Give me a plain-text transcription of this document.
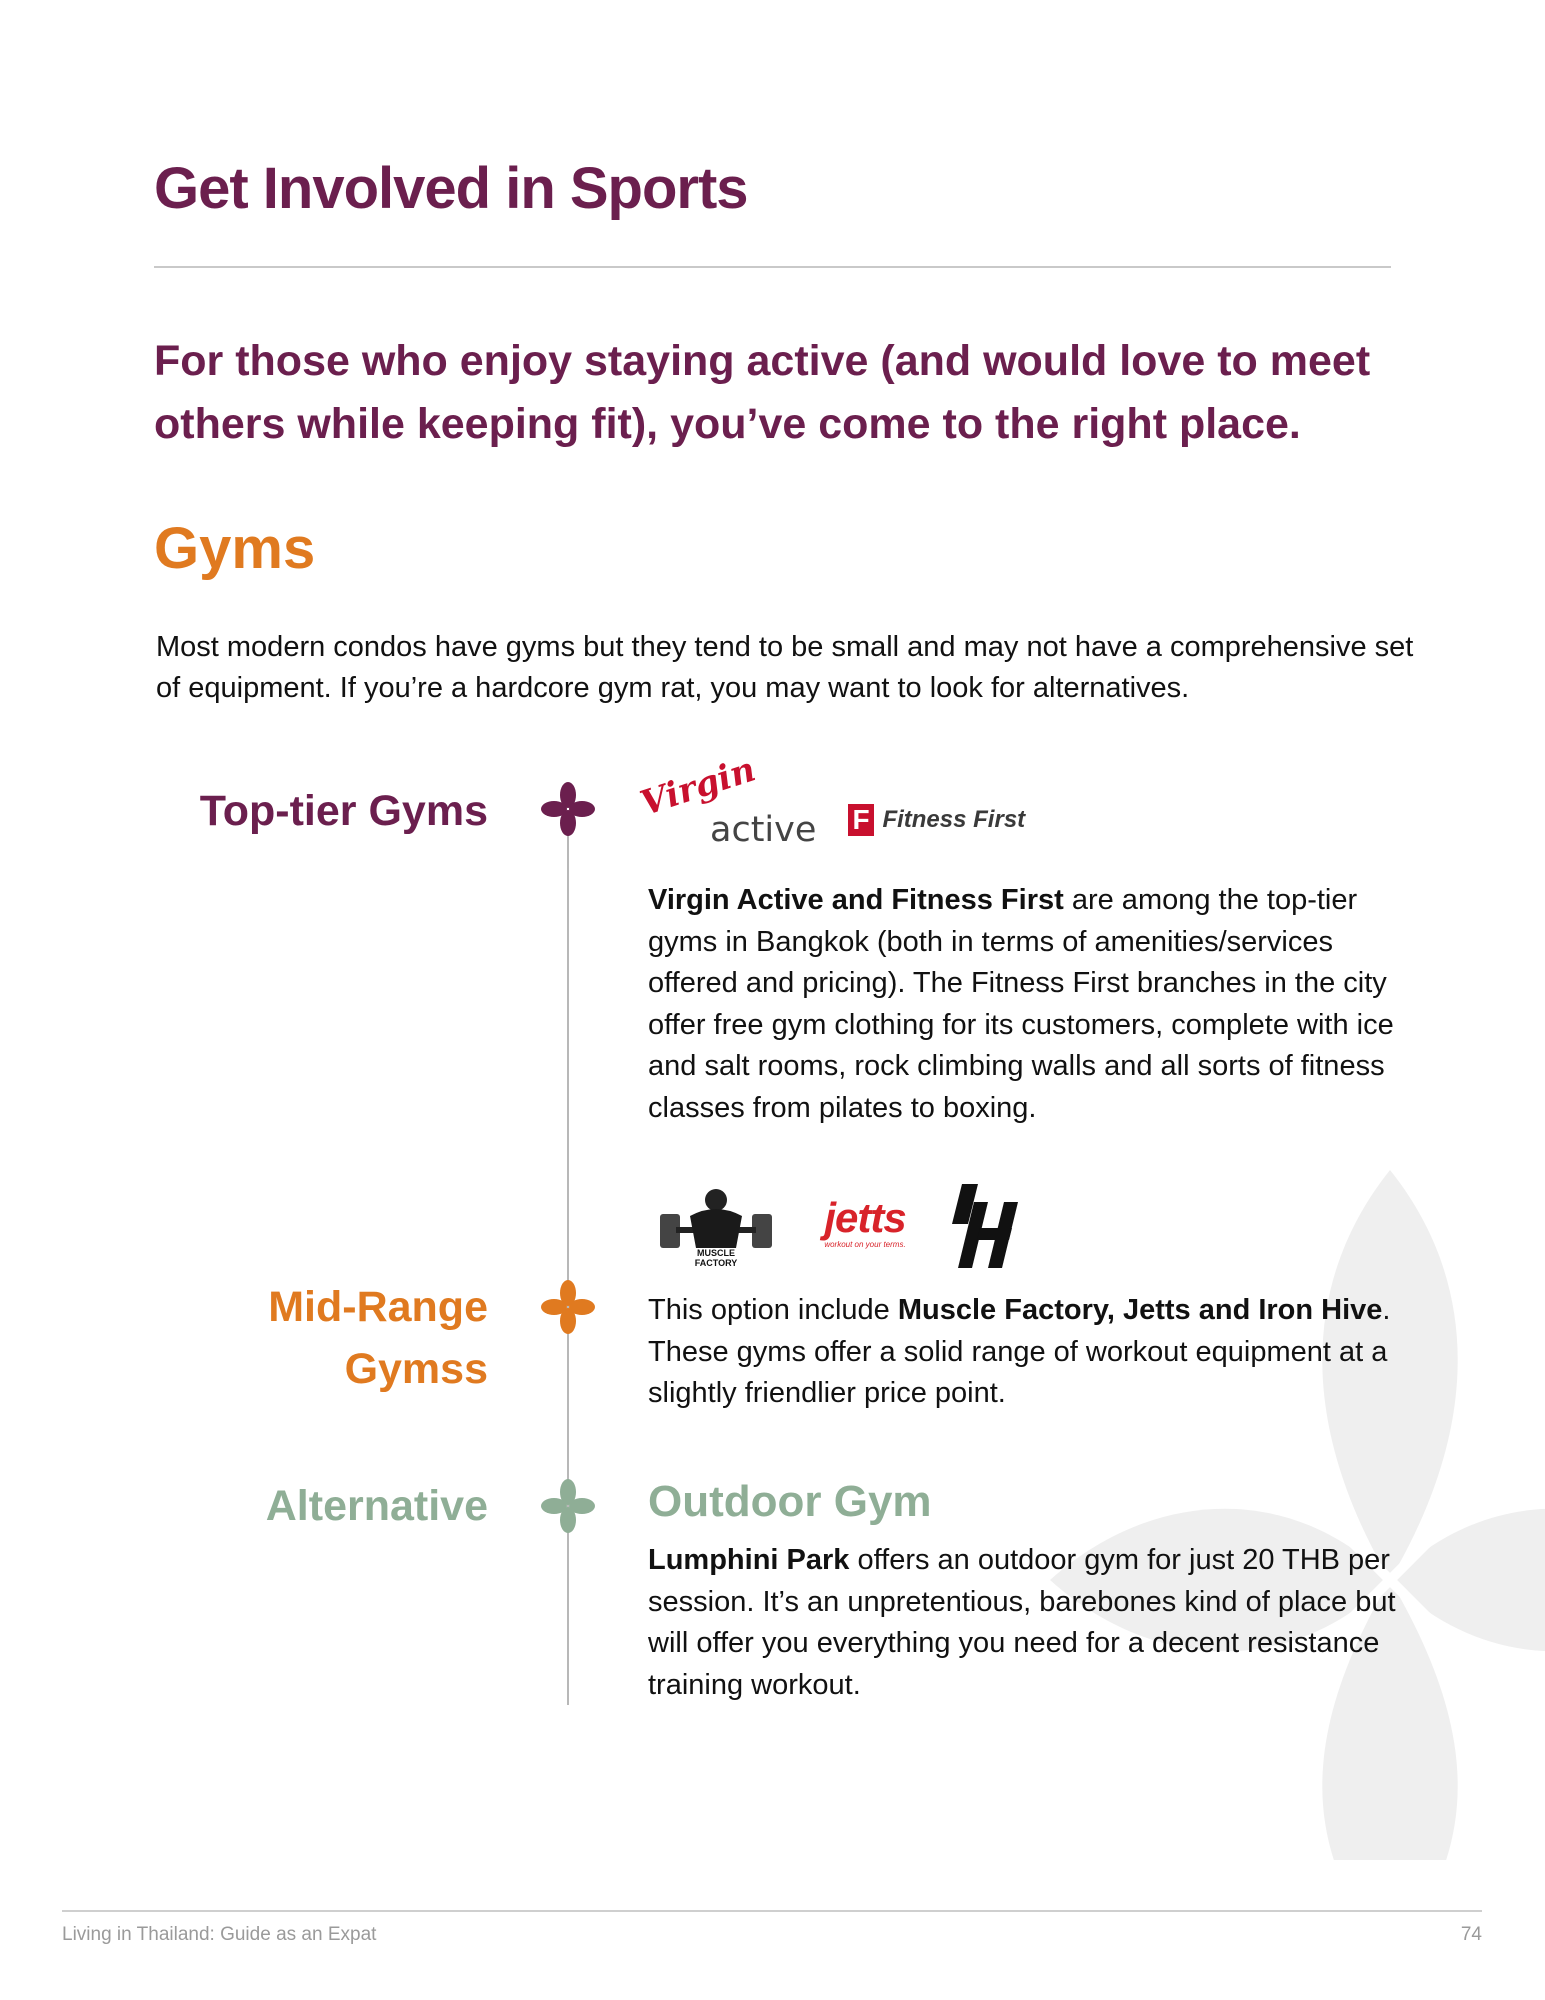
Get Involved in Sports

For those who enjoy staying active (and would love to meet others while keeping fit), you’ve come to the right place.

Gyms

Most modern condos have gyms but they tend to be small and may not have a comprehensive set of equipment. If you’re a hardcore gym rat, you may want to look for alternatives.

Top-tier Gyms	Virgin
active F Fitness First

Virgin Active and Fitness First are among the top-tier gyms in Bangkok (both in terms of amenities/services offered and pricing). The Fitness First branches in the city offer free gym clothing for its customers, complete with ice and salt rooms, rock climbing walls and all sorts of fitness classes from pilates to boxing.

MUSCLE FACTORY
jetts
workout on your terms.
Mid-Range
Gymss

This option include Muscle Factory, Jetts and Iron Hive. These gyms offer a solid range of workout equipment at a slightly friendlier price point.

Alternative	Outdoor Gym

Lumphini Park offers an outdoor gym for just 20 THB per session. It’s an unpretentious, barebones kind of place but will offer you everything you need for a decent resistance training workout.

Living in Thailand: Guide as an Expat	74
